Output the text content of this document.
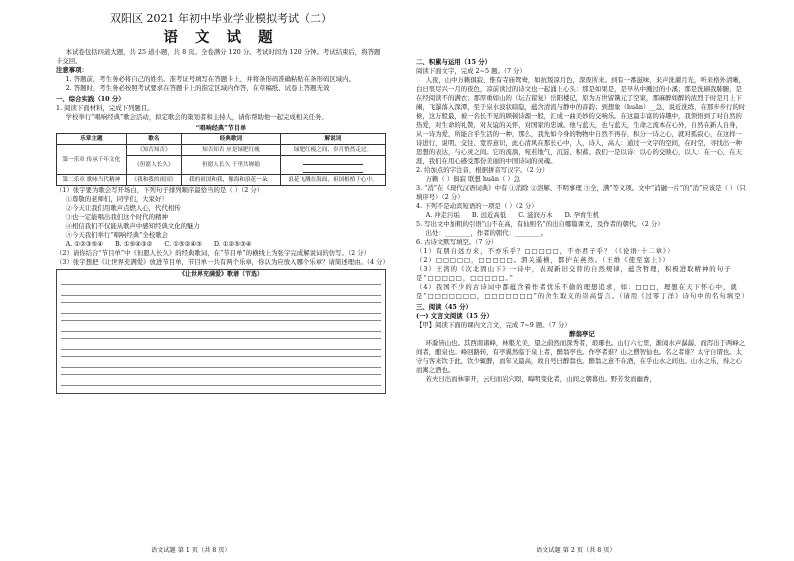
双阳区 2021 年初中毕业学业模拟考试（二）
语 文 试 题

本试卷包括四道大题，共 25 道小题，共 8 页。全卷满分 120 分。考试时间为 120 分钟。考试结束后，将答题卡交回。

注意事项：

1. 答题前，考生务必将自己的姓名、准考证号填写在答题卡上，并将条形码准确粘贴在条形码区域内。

2. 答题时，考生务必按照考试要求在答题卡上的指定区域内作答，在草稿纸、试卷上答题无效

一、综合实践（10 分）

1. 阅读下面材料，完成下列题目。

学校举行“唱响经典”歌会活动，拟定歌会的策划者和主持人，请你帮助他一起完成相关任务。

“唱响经典”节目单
乐章主题	歌名	经典歌词	解说词
第一乐章 传承千年文化	《知否知否》	知否知否 应是绿肥红瘦	绿肥红瘦之间，岁月悄然走过。
	《但愿人长久》	但愿人长久 千里共婵娟	

第二乐章 歌咏当代精神	《我和我的祖国》	我的祖国和我，像海和浪花一朵。	浪花飞溅在海面，祖国根植于心中。

（1）张宇要为歌会写开场白，下列句子排列顺序最恰当的是（ ）（2 分）

①尊敬的老师们，同学们，大家好！

②今天让我们用歌声点燃人心，代代相传

③也一定能唱出我们这个时代的精神

④相信我们不仅能从歌声中感知经典文化的魅力

⑤今天我们举行“唱响经典”全校歌会

A. ①②③⑤④ B. ①⑤④③② C. ①⑤②④③ D. ①②⑤③④

（2）请你结合“节目单”中《但愿人长久》的经典歌词，在“节目单”的横线上为张宇完成解说词的仿写。（2 分）

（3）张宇想把《让世界充满爱》放进节目单，节目单一共有两个乐章，你认为应放入哪个乐章？请简述理由。（4 分）

《让世界充满爱》歌谱（节选）
语文试题 第 1 页（共 8 页）

二、积累与运用（15 分）

阅读下面文字，完成 2~5 题。（7 分）

人夜，山中万籁俱寂，惟有寺庙鸳鸯，如抗叛凉月色，深夜所来。到有一番滋味，来声洗濯月光，听来格外清晰，白日里尽兴一月的夜色，凉前读过的诗文也一起涌上心头：那是如果是，是早丛中溅过的小溪；那是洗刷我肺腑，是在经阅读不的满衣；那厚重如山的（坛吉留复）岳阳楼记，原为万世留镌元了空家，那麻醉如醉的浓烈于时是月上下阑，飞瀑落入深潭，至于泉水波状暗隐，蕴含清流与静中的音韵；到想象（huān）__急，说近洗练，在那步步行的时候，这万般最，被一名长不见的顾顿诗源一般，汇成一曲美妙的交响乐。在这最丰富的诗趣中，我领悟到了对自然的热爱，对生命的礼赞，对友谊的关怀，对国家的忠诚。他与蓝天，也与蓝天，生命之流本在心外，自然在新人自身，从一诗为爱，所能合乎生活的一种，那么，我先如今身的物物中自然不再存，积分一诗之心，就对孤寂心，在这样一诗进行，说明、交往、宽容意识，此心清风在那长心中，人，诗人，高人：通过一文字的空间，在时空，寻找出一种思想的表达，与心灵之间。它的流淌，宛若地气，沉淀、积蓄。我们一是以诗：以心的交映心，以人：在一心，在天涯，我们在用心感受那份美丽的中国诗词的灵魂。

2. 给加点的字注音，根据拼音写汉字。（2 分）

万籁（ ）俱寂 联想 huān（ ）急

3. “消”在《现代汉语词典》中有 ①消除 ②溶解、不明事理 ③全，满”等义项。文中“消融一片”的“消”应该是（ ）（只填序号）（2 分）

4. 下列不是动宾短语的一项是（ ）（2 分）

A. 冲走污垢 B. 远近高低 C. 滋润万木 D. 孕育生机

5. 写出文中加粗的引语“山不在高，有仙则名”的出自哪篇课文，及作者的朝代。（2 分）

出处：________，作者的朝代：________。

6. 古诗文默写填空。（7 分）

（1）有朋自远方来，不亦乐乎？□□□□□，不亦君子乎？（《论语·十二章》）

（2）□□□□□，□□□□□。渭关遥横，都护在燕然。（王维《使至塞上》）

（3）王湾的《次北固山下》一诗中，表现新旧交替的自然规律，蕴含哲理，积极进取精神的句子是“□□□□□，□□□□□。”

（4）我国不少的古诗词中都蕴含着作者忧乐不偷的理想追求，如：□□□，理想在天下怀心中，就是“□□□□□□□，□□□□□□□”的舍生取义的崇高誓言。（请用《过零丁洋》诗句中的名句填空）

三、阅读（45 分）

(一) 文言文阅读（15 分）

【甲】阅读下面的课内文言文，完成 7~9 题。（7 分）

醉翁亭记

环滁皆山也。其西南诸峰，林壑尤美，望之蔚然而深秀者，琅琊也。山行六七里，渐闻水声潺潺，而泻出于两峰之间者，酿泉也。峰回路转，有亭翼然临于泉上者，醉翁亭也。作亭者谁？山之僧智仙也。名之者谁？太守自谓也。太守与客来饮于此，饮少辄醉，而年又最高，故自号曰醉翁也。醉翁之意不在酒，在乎山水之间也。山水之乐，得之心而寓之酒也。

若夫日出而林霏开，云归而岩穴暝，晦明变化者，山间之朝暮也。野芳发而幽香，

语文试题 第 2 页（共 8 页）
